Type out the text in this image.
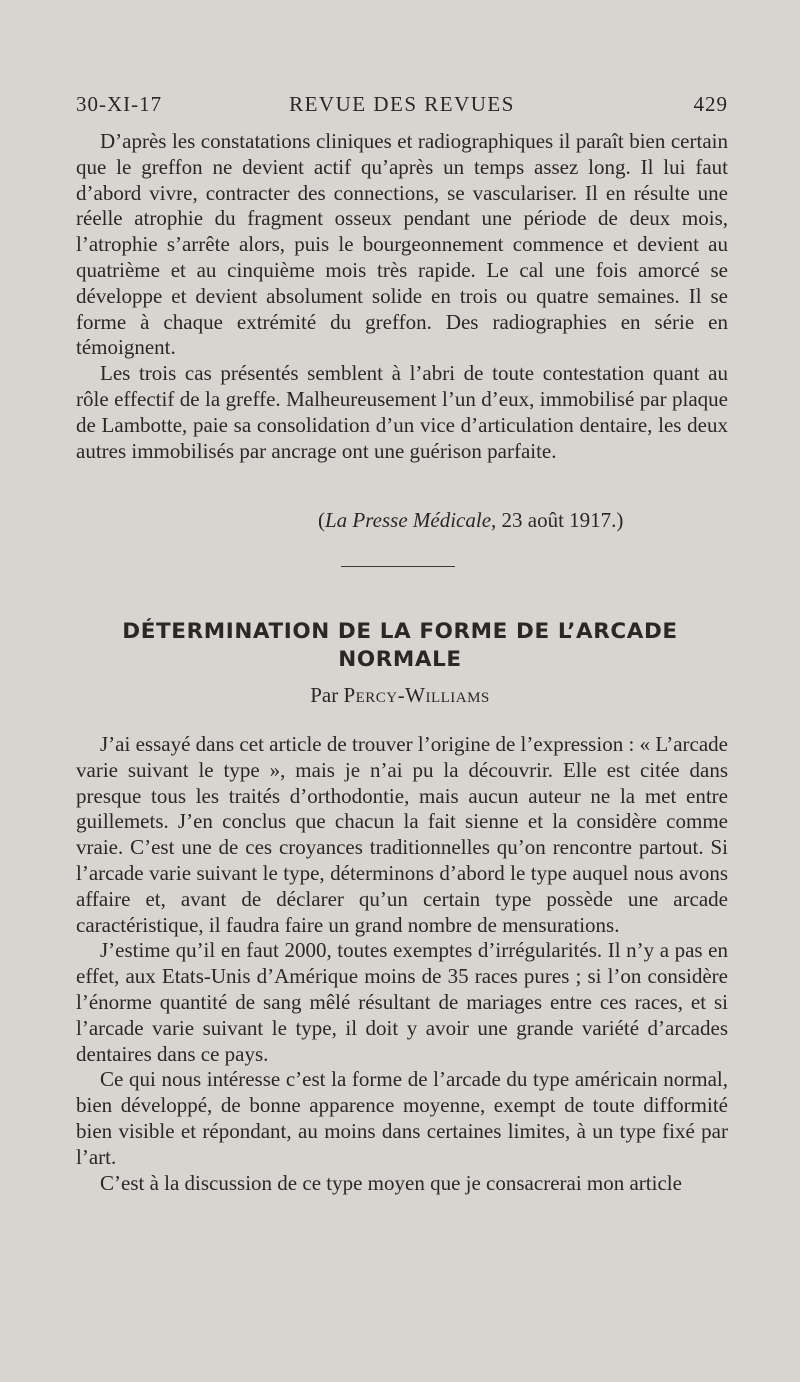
30-XI-17	REVUE DES REVUES	429

D’après les constatations cliniques et radiographiques il paraît bien certain que le greffon ne devient actif qu’après un temps assez long. Il lui faut d’abord vivre, contracter des connections, se vasculariser. Il en résulte une réelle atrophie du fragment osseux pendant une période de deux mois, l’atrophie s’arrête alors, puis le bourgeonnement commence et devient au quatrième et au cinquième mois très rapide. Le cal une fois amorcé se développe et devient absolument solide en trois ou quatre semaines. Il se forme à chaque extrémité du greffon. Des radiographies en série en témoignent.

Les trois cas présentés semblent à l’abri de toute contestation quant au rôle effectif de la greffe. Malheureusement l’un d’eux, immobilisé par plaque de Lambotte, paie sa consolidation d’un vice d’articulation dentaire, les deux autres immobilisés par ancrage ont une guérison parfaite.

(La Presse Médicale, 23 août 1917.)
DÉTERMINATION DE LA FORME DE L’ARCADE
NORMALE
Par Percy-Williams

J’ai essayé dans cet article de trouver l’origine de l’expression : « L’arcade varie suivant le type », mais je n’ai pu la découvrir. Elle est citée dans presque tous les traités d’orthodontie, mais aucun auteur ne la met entre guillemets. J’en conclus que chacun la fait sienne et la considère comme vraie. C’est une de ces croyances traditionnelles qu’on rencontre partout. Si l’arcade varie suivant le type, déterminons d’abord le type auquel nous avons affaire et, avant de déclarer qu’un certain type possède une arcade caractéristique, il faudra faire un grand nombre de mensurations.

J’estime qu’il en faut 2000, toutes exemptes d’irrégularités. Il n’y a pas en effet, aux Etats-Unis d’Amérique moins de 35 races pures ; si l’on considère l’énorme quantité de sang mêlé résultant de mariages entre ces races, et si l’arcade varie suivant le type, il doit y avoir une grande variété d’arcades dentaires dans ce pays.

Ce qui nous intéresse c’est la forme de l’arcade du type américain normal, bien développé, de bonne apparence moyenne, exempt de toute difformité bien visible et répondant, au moins dans certaines limites, à un type fixé par l’art.

C’est à la discussion de ce type moyen que je consacrerai mon article
